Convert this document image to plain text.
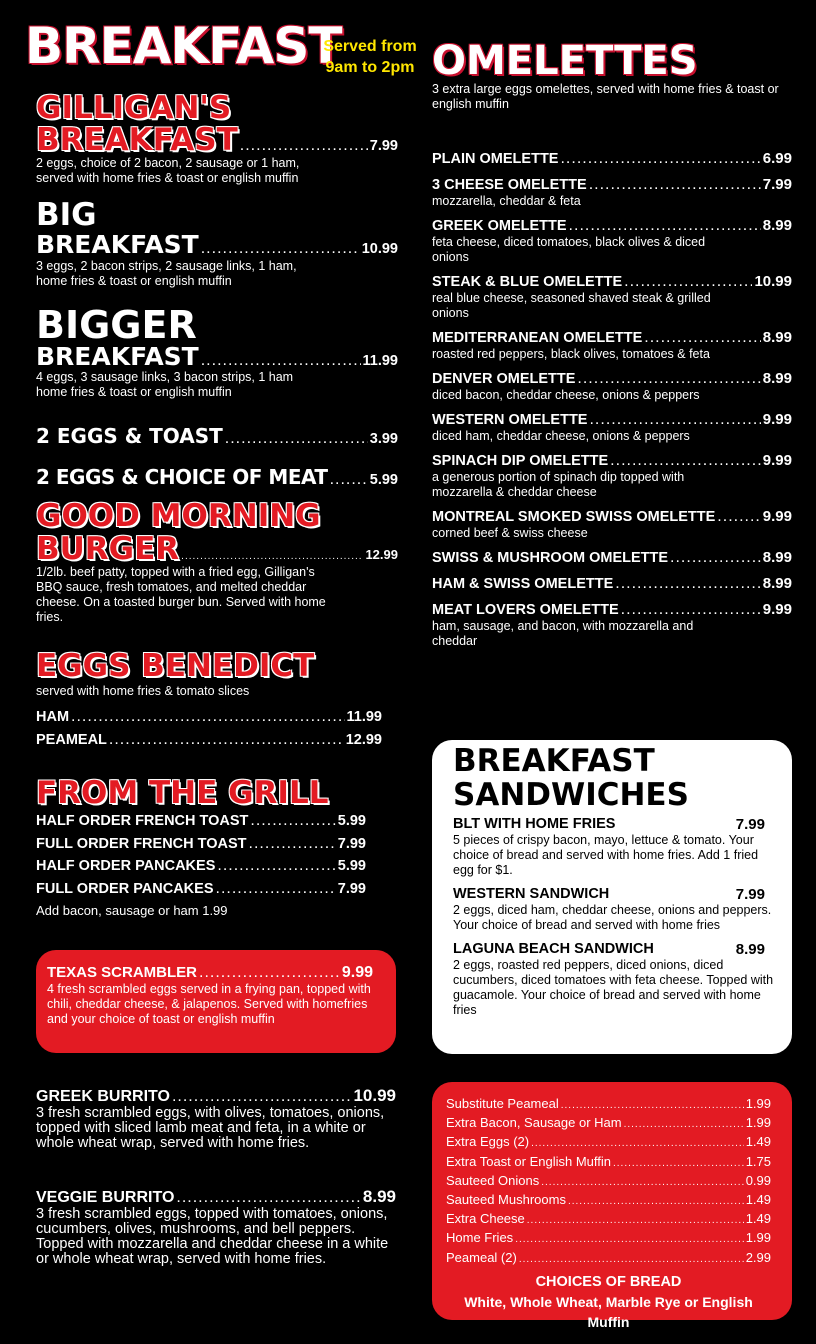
BREAKFAST
Served from
9am to 2pm
GILLIGAN'S
BREAKFAST .....	7.99
2 eggs, choice of 2 bacon, 2 sausage or 1 ham, served with home fries & toast or english muffin
BIG
BREAKFAST .....	10.99
3 eggs, 2 bacon strips, 2 sausage links, 1 ham, home fries & toast or english muffin
BIGGER
BREAKFAST .....	11.99
4 eggs, 3 sausage links, 3 bacon strips, 1 ham home fries & toast or english muffin
2 EGGS & TOAST .....	3.99
2 EGGS & CHOICE OF MEAT .....	5.99
GOOD MORNING
BURGER .....	12.99
1/2lb. beef patty, topped with a fried egg, Gilligan's BBQ sauce, fresh tomatoes, and melted cheddar cheese. On a toasted burger bun. Served with home fries.
EGGS BENEDICT
served with home fries & tomato slices
HAM .....	11.99
PEAMEAL .....	12.99
FROM THE GRILL
HALF ORDER FRENCH TOAST .....	5.99
FULL ORDER FRENCH TOAST .....	7.99
HALF ORDER PANCAKES .....	5.99
FULL ORDER PANCAKES .....	7.99
Add bacon, sausage or ham 1.99
TEXAS SCRAMBLER .....	9.99
4 fresh scrambled eggs served in a frying pan, topped with chili, cheddar cheese, & jalapenos. Served with homefries and your choice of toast or english muffin
GREEK BURRITO .....	10.99
3 fresh scrambled eggs, with olives, tomatoes, onions, topped with sliced lamb meat and feta, in a white or whole wheat wrap, served with home fries.
VEGGIE BURRITO .....	8.99
3 fresh scrambled eggs, topped with tomatoes, onions, cucumbers, olives, mushrooms, and bell peppers. Topped with mozzarella and cheddar cheese in a white or whole wheat wrap, served with home fries.
OMELETTES
3 extra large eggs omelettes, served with home fries & toast or english muffin
PLAIN OMELETTE .....	6.99
3 CHEESE OMELETTE .....	7.99
mozzarella, cheddar & feta
GREEK OMELETTE .....	8.99
feta cheese, diced tomatoes, black olives & diced onions
STEAK & BLUE OMELETTE .....	10.99
real blue cheese, seasoned shaved steak & grilled onions
MEDITERRANEAN OMELETTE .....	8.99
roasted red peppers, black olives, tomatoes & feta
DENVER OMELETTE .....	8.99
diced bacon, cheddar cheese, onions & peppers
WESTERN OMELETTE .....	9.99
diced ham, cheddar cheese, onions & peppers
SPINACH DIP OMELETTE .....	9.99
a generous portion of spinach dip topped with mozzarella & cheddar cheese
MONTREAL SMOKED SWISS OMELETTE .....	9.99
corned beef & swiss cheese
SWISS & MUSHROOM OMELETTE .....	8.99
HAM & SWISS OMELETTE .....	8.99
MEAT LOVERS OMELETTE .....	9.99
ham, sausage, and bacon, with mozzarella and cheddar
BREAKFAST
SANDWICHES
BLT WITH HOME FRIES	7.99
5 pieces of crispy bacon, mayo, lettuce & tomato. Your choice of bread and served with home fries. Add 1 fried egg for $1.
WESTERN SANDWICH	7.99
2 eggs, diced ham, cheddar cheese, onions and peppers. Your choice of bread and served with home fries
LAGUNA BEACH SANDWICH	8.99
2 eggs, roasted red peppers, diced onions, diced cucumbers, diced tomatoes with feta cheese. Topped with guacamole. Your choice of bread and served with home fries
Substitute Peameal .....	1.99
Extra Bacon, Sausage or Ham .....	1.99
Extra Eggs (2) .....	1.49
Extra Toast or English Muffin .....	1.75
Sauteed Onions .....	0.99
Sauteed Mushrooms .....	1.49
Extra Cheese .....	1.49
Home Fries .....	1.99
Peameal (2) .....	2.99
CHOICES OF BREAD
White, Whole Wheat, Marble Rye or English Muffin
